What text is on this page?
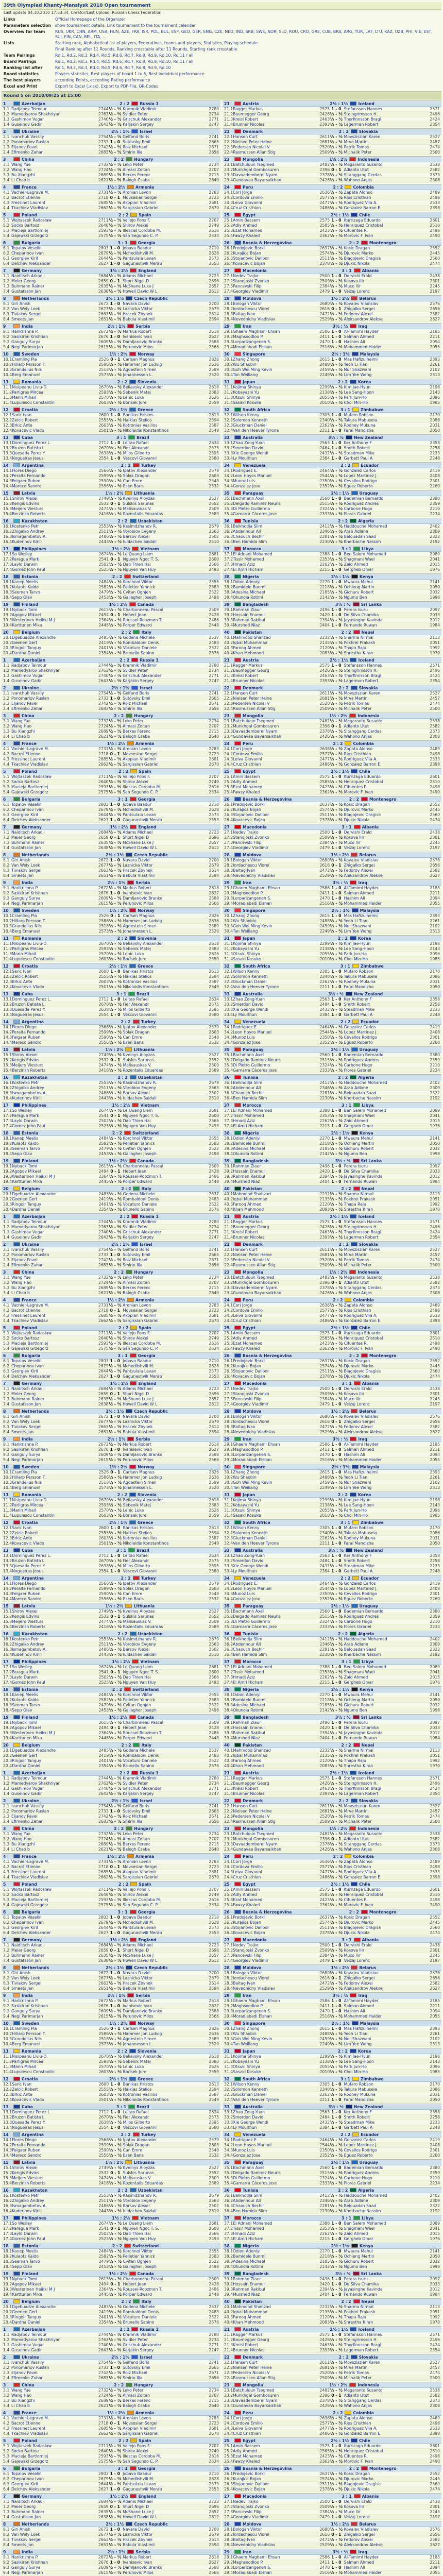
39th Olympiad Khanty-Mansiysk 2010 Open tournament
Last update 04.10.2010 17:53:34, Creator/Last Upload: Russian Chess Federation
Links	Official Homepage of the Organizer
Parameters selection	show tournament details, Link tournament to the tournament calendar
Overview for team	RUS, UKR, CHN, ARM, USA, HUN, AZE, FRA, ISR, POL, BUL, ESP, GEO, GER, ENG, CZE, NED, IND, SRB, SWE, NOR, SLO, ROU, CRO, GRE, CUB, BRA, ARG, TUR, LAT, LTU, KAZ, UZB, PHI, VIE, EST, SUI, FIN, CAN, BEL, ITA, ...
Lists	Starting rank, Alphabetical list of players, Federations, teams and players, Statistics, Playing schedule
	Final Ranking after 11 Rounds, Ranking crosstable after 11 Rounds, Starting rank crosstable
Team Pairings	Rd.1, Rd.2, Rd.3, Rd.4, Rd.5, Rd.6, Rd.7, Rd.8, Rd.9, Rd.10, Rd.11 / all
Board Pairings	Rd.1, Rd.2, Rd.3, Rd.4, Rd.5, Rd.6, Rd.7, Rd.8, Rd.9, Rd.10, Rd.11 / all
Ranking list after	Rd.1, Rd.2, Rd.3, Rd.4, Rd.5, Rd.6, Rd.7, Rd.8, Rd.9, Rd.10
Board statistics	Players statistics, Best players of board 1 to 5, Best individual performance
The best players	according Points, according Rating performance
Excel and Print	Export to Excel (.xlsx), Export to PDF-File, QR-Codes
Round 5 on 2010/09/25 at 15:00
1	Azerbaijan	2 : 2	Russia 1
1.1 Radjabov Teimour	2744 ½ - ½ Kramnik Vladimir	2780
1.2 Mamedyarov Shakhriyar	2763 ½ - ½ Svidler Peter	2734
1.3 Gashimov Vugar	2740 ½ - ½ Grischuk Alexander	2771
1.4 Guseinov Gadir	2643 ½ - ½ Karjakin Sergey	2747
2	Ukraine	2½ : 1½	Israel
2.1 Ivanchuk Vassily	2754 ½ - ½ Gelfand Boris	2741
2.2 Ponomariov Ruslan	2733 1 - 0 Sutovsky Emil	2665
2.3 Eljanov Pavel	2742 ½ - ½ Roiz Michael	2671
2.4 Efimenko Zahar	2683 ½ - ½ Smirin Ilia	2656
3	China	2 : 2	Hungary
3.1 Wang Yue	2732 ½ - ½ Leko Peter	2734
3.2 Wang Hao	2724 ½ - ½ Almasi Zoltan	2707
3.3 Bu Xiangzhi	2689 ½ - ½ Berkes Ferenc	2715
3.4 Li Chao b	2621 ½ - ½ Balogh Csaba	2640
4	France	1½ : 2½	Armenia
4.1 Vachier-Lagrave M.	2731 ½ - ½ Aronian Levon	2783
4.2 Bacrot Etienne	2718 0 - 1 Movsesian Sergei	2723
4.3 Fressinet Laurent	2685 ½ - ½ Akopian Vladimir	2681
4.4 Tkachiev Vladislav	2662 ½ - ½ Sargissian Gabriel	2670
5	Poland	2 : 2	Spain
5.1 Wojtaszek Radoslaw	2711 ½ - ½ Vallejo Pons F.	2707
5.2 Socko Bartosz	2640 ½ - ½ Shirov Alexei	2749
5.3 Macieja Bartlomiej	2593 ½ - ½ Illescas Cordoba M.	2616
5.4 Gajewski Grzegorz	2575 ½ - ½ San Segundo C. P.	2534
6	Bulgaria	3 : 1	Georgia
6.1 Topalov Veselin	2803 1 - 0 Jobava Baadur	2710
6.2 Cheparinov Ivan	2679 ½ - ½ Mchedlishvili M.	2628
6.3 Georgiev Kiril	2644 ½ - ½ Pantsulaia Levan	2573
6.4 Delchev Aleksander	2627 1 - 0 Gagunashvili Merab	2553
7	Germany	1½ : 2½	England
7.1 Naiditsch Arkadij	2684 ½ - ½ Adams Michael	2723
7.2 Meier Georg	2659 0 - 1 Short Nigel D	2696
7.3 Buhmann Rainer	2635 ½ - ½ McShane Luke J	2657
7.4 Gustafsson Jan	2638 ½ - ½ Howell David W L	2612
8	Netherlands	2½ : 1½	Czech Republic
8.1 Giri Anish	2672 1 - 0 Navara David	2700
8.2 Van Wely Loek	2677 ½ - ½ Laznicka Viktor	2679
8.3 Tiviakov Sergei	2663 ½ - ½ Hracek Zbynek	2614
8.4 Smeets Jan	2651 ½ - ½ Babula Vlastimil	2594
9	India	2½ : 1½	Serbia
9.1 Harikrishna P.	2672 ½ - ½ Markus Robert	2618
9.2 Sasikiran Krishnan	2676 1 - 0 Ivanisevic Ivan	2627
9.3 Ganguly Surya	2609 ½ - ½ Damljanovic Branko	2588
9.4 Negi Parimarjan	2615 ½ - ½ Perunovic Milos	2566
10	Sweden	1½ : 2½	Norway
10.1 Cramling Pia	2526 0 - 1 Carlsen Magnus	2826
10.2 Hillarp Persson T.	2586 ½ - ½ Hammer Jon Ludvig	2636
10.3 Grandelius Nils	2518 ½ - ½ Agdestein Simen	2589
10.4 Berg Emanuel	2573 ½ - ½ Johannessen L.	2520
11	Romania	2 : 2	Slovenia
11.1 Nisipeanu Liviu-D.	2670 ½ - ½ Beliavsky Alexander	2618
11.2 Parligras Mircea	2593 ½ - ½ Sebenik Matej	2583
11.3 Marin Mihail	2570 ½ - ½ Lenic Luka	2626
11.4 Lupulescu Constantin	2603 ½ - ½ Borisek Jure	2559
12	Croatia	2½ : 1½	Greece
12.1 Saric Ivan	2600 1 - 0 Banikas Hristos	2613
12.2 Zelcic Robert	2555 ½ - ½ Halkias Stelios	2594
12.3 Brkic Ante	2603 ½ - ½ Kotronias Vasilios	2587
12.4 Kovacevic Vlado	2501 ½ - ½ Nikolaidis Konstantinos	2549
13	Cuba	3 : 1	Brazil
13.1 Dominguez Perez L.	2712 1 - 0 Leitao Rafael	2634
13.2 Bruzon Batista L.	2670 ½ - ½ Fier Alexandr	2575
13.3 Quesada Perez Y.	2638 ½ - ½ Milos Gilberto	2595
13.4 Nogueiras Jesus	2554 1 - 0 Vescovi Giovanni	2580
14	Argentina	2 : 2	Turkey
14.1 Flores Diego	2566 ½ - ½ Ipatov Alexander	2579
14.2 Peralta Fernando	2599 ½ - ½ Solak Dragan	2603
14.3 Felgaer Ruben	2590 ½ - ½ Can Emre	2548
14.4 Mareco Sandro	2556 ½ - ½ Esen Baris	2532
15	Latvia	1½ : 2½	Lithuania
15.1 Shirov Alexei	2749 ½ - ½ Kveinys Aloyzas	2527
15.2 Kengis Edvins	2532 0 - 1 Sulskis Sarunas	2552
15.3 Meijers Viesturs	2474 ½ - ½ Malisauskas V.	2509
15.4 Berzinsh Roberts	2416 ½ - ½ Rozentalis Eduardas	2589
16	Kazakhstan	2 : 2	Uzbekistan
16.1 Kostenko Petr	2553 ½ - ½ Kasimdzhanov R.	2679
16.2 Zhigalko Andrey	2511 ½ - ½ Vorobiov Evgeny	2563
16.3 Ismagambetov A.	2486 ½ - ½ Barsov Alexei	2502
16.4 Kuderinov Kirill	2443 ½ - ½ Iuldachev Saidali	2510
17	Philippines	1½ : 2½	Vietnam
17.1 So Wesley	2674 ½ - ½ Le Quang Liem	2681
17.2 Paragua Mark	2541 0 - 1 Nguyen Ngoc T. S.	2600
17.3 Laylo Darwin	2502 ½ - ½ Dao Thien Hai	2566
17.4 Gomez John Paul	2525 ½ - ½ Nguyen Van Huy	2493
18	Estonia	2 : 2	Switzerland
18.1 Kanep Meelis	2484 ½ - ½ Korchnoi Viktor	2555
18.2 Kulaots Kaido	2582 ½ - ½ Pelletier Yannick	2583
18.3 Seeman Tarvo	2479 ½ - ½ Cvitan Ognjen	2522
18.4 Sepp Olav	2453 ½ - ½ Gallagher Joseph	2498
19	Finland	1½ : 2½	Canada
19.1 Nyback Tomi	2615 ½ - ½ Charbonneau Pascal	2509
19.2 Agopov Mikael	2494 0 - 1 Hebert Jean	2428
19.3 Westerinen Heikki M J	2364 ½ - ½ Roussel-Roozmon T.	2486
19.4 Karttunen Mika	2445 ½ - ½ Porper Edward	2448
20	Belgium	2 : 2	Italy
20.1 Dgebuadze Alexandre	2485 ½ - ½ Godena Michele	2537
20.2 Geenen Gert	2419 ½ - ½ Rombaldoni Denis	2483
20.3 Ringoir Tanguy	2401 ½ - ½ Vocaturo Daniele	2522
20.4 Dardha Daniel	2354 ½ - ½ Brunello Sabino	2576
1	Azerbaijan	2 : 2	Russia 1
1.1 Radjabov Teimour	2744 ½ - ½ Kramnik Vladimir	2780
1.2 Mamedyarov Shakhriyar	2763 ½ - ½ Svidler Peter	2734
1.3 Gashimov Vugar	2740 ½ - ½ Grischuk Alexander	2771
1.4 Guseinov Gadir	2643 ½ - ½ Karjakin Sergey	2747
2	Ukraine	2½ : 1½	Israel
2.1 Ivanchuk Vassily	2754 ½ - ½ Gelfand Boris	2741
2.2 Ponomariov Ruslan	2733 1 - 0 Sutovsky Emil	2665
2.3 Eljanov Pavel	2742 ½ - ½ Roiz Michael	2671
2.4 Efimenko Zahar	2683 ½ - ½ Smirin Ilia	2656
3	China	2 : 2	Hungary
3.1 Wang Yue	2732 ½ - ½ Leko Peter	2734
3.2 Wang Hao	2724 ½ - ½ Almasi Zoltan	2707
3.3 Bu Xiangzhi	2689 ½ - ½ Berkes Ferenc	2715
3.4 Li Chao b	2621 ½ - ½ Balogh Csaba	2640
4	France	1½ : 2½	Armenia
4.1 Vachier-Lagrave M.	2731 ½ - ½ Aronian Levon	2783
4.2 Bacrot Etienne	2718 0 - 1 Movsesian Sergei	2723
4.3 Fressinet Laurent	2685 ½ - ½ Akopian Vladimir	2681
4.4 Tkachiev Vladislav	2662 ½ - ½ Sargissian Gabriel	2670
5	Poland	2 : 2	Spain
5.1 Wojtaszek Radoslaw	2711 ½ - ½ Vallejo Pons F.	2707
5.2 Socko Bartosz	2640 ½ - ½ Shirov Alexei	2749
5.3 Macieja Bartlomiej	2593 ½ - ½ Illescas Cordoba M.	2616
5.4 Gajewski Grzegorz	2575 ½ - ½ San Segundo C. P.	2534
6	Bulgaria	3 : 1	Georgia
6.1 Topalov Veselin	2803 1 - 0 Jobava Baadur	2710
6.2 Cheparinov Ivan	2679 ½ - ½ Mchedlishvili M.	2628
6.3 Georgiev Kiril	2644 ½ - ½ Pantsulaia Levan	2573
6.4 Delchev Aleksander	2627 1 - 0 Gagunashvili Merab	2553
7	Germany	1½ : 2½	England
7.1 Naiditsch Arkadij	2684 ½ - ½ Adams Michael	2723
7.2 Meier Georg	2659 0 - 1 Short Nigel D	2696
7.3 Buhmann Rainer	2635 ½ - ½ McShane Luke J	2657
7.4 Gustafsson Jan	2638 ½ - ½ Howell David W L	2612
8	Netherlands	2½ : 1½	Czech Republic
8.1 Giri Anish	2672 1 - 0 Navara David	2700
8.2 Van Wely Loek	2677 ½ - ½ Laznicka Viktor	2679
8.3 Tiviakov Sergei	2663 ½ - ½ Hracek Zbynek	2614
8.4 Smeets Jan	2651 ½ - ½ Babula Vlastimil	2594
9	India	2½ : 1½	Serbia
9.1 Harikrishna P.	2672 ½ - ½ Markus Robert	2618
9.2 Sasikiran Krishnan	2676 1 - 0 Ivanisevic Ivan	2627
9.3 Ganguly Surya	2609 ½ - ½ Damljanovic Branko	2588
9.4 Negi Parimarjan	2615 ½ - ½ Perunovic Milos	2566
10	Sweden	1½ : 2½	Norway
10.1 Cramling Pia	2526 0 - 1 Carlsen Magnus	2826
10.2 Hillarp Persson T.	2586 ½ - ½ Hammer Jon Ludvig	2636
10.3 Grandelius Nils	2518 ½ - ½ Agdestein Simen	2589
10.4 Berg Emanuel	2573 ½ - ½ Johannessen L.	2520
11	Romania	2 : 2	Slovenia
11.1 Nisipeanu Liviu-D.	2670 ½ - ½ Beliavsky Alexander	2618
11.2 Parligras Mircea	2593 ½ - ½ Sebenik Matej	2583
11.3 Marin Mihail	2570 ½ - ½ Lenic Luka	2626
11.4 Lupulescu Constantin	2603 ½ - ½ Borisek Jure	2559
12	Croatia	2½ : 1½	Greece
12.1 Saric Ivan	2600 1 - 0 Banikas Hristos	2613
12.2 Zelcic Robert	2555 ½ - ½ Halkias Stelios	2594
12.3 Brkic Ante	2603 ½ - ½ Kotronias Vasilios	2587
12.4 Kovacevic Vlado	2501 ½ - ½ Nikolaidis Konstantinos	2549
13	Cuba	3 : 1	Brazil
13.1 Dominguez Perez L.	2712 1 - 0 Leitao Rafael	2634
13.2 Bruzon Batista L.	2670 ½ - ½ Fier Alexandr	2575
13.3 Quesada Perez Y.	2638 ½ - ½ Milos Gilberto	2595
13.4 Nogueiras Jesus	2554 1 - 0 Vescovi Giovanni	2580
14	Argentina	2 : 2	Turkey
14.1 Flores Diego	2566 ½ - ½ Ipatov Alexander	2579
14.2 Peralta Fernando	2599 ½ - ½ Solak Dragan	2603
14.3 Felgaer Ruben	2590 ½ - ½ Can Emre	2548
14.4 Mareco Sandro	2556 ½ - ½ Esen Baris	2532
15	Latvia	1½ : 2½	Lithuania
15.1 Shirov Alexei	2749 ½ - ½ Kveinys Aloyzas	2527
15.2 Kengis Edvins	2532 0 - 1 Sulskis Sarunas	2552
15.3 Meijers Viesturs	2474 ½ - ½ Malisauskas V.	2509
15.4 Berzinsh Roberts	2416 ½ - ½ Rozentalis Eduardas	2589
16	Kazakhstan	2 : 2	Uzbekistan
16.1 Kostenko Petr	2553 ½ - ½ Kasimdzhanov R.	2679
16.2 Zhigalko Andrey	2511 ½ - ½ Vorobiov Evgeny	2563
16.3 Ismagambetov A.	2486 ½ - ½ Barsov Alexei	2502
16.4 Kuderinov Kirill	2443 ½ - ½ Iuldachev Saidali	2510
17	Philippines	1½ : 2½	Vietnam
17.1 So Wesley	2674 ½ - ½ Le Quang Liem	2681
17.2 Paragua Mark	2541 0 - 1 Nguyen Ngoc T. S.	2600
17.3 Laylo Darwin	2502 ½ - ½ Dao Thien Hai	2566
17.4 Gomez John Paul	2525 ½ - ½ Nguyen Van Huy	2493
18	Estonia	2 : 2	Switzerland
18.1 Kanep Meelis	2484 ½ - ½ Korchnoi Viktor	2555
18.2 Kulaots Kaido	2582 ½ - ½ Pelletier Yannick	2583
18.3 Seeman Tarvo	2479 ½ - ½ Cvitan Ognjen	2522
18.4 Sepp Olav	2453 ½ - ½ Gallagher Joseph	2498
19	Finland	1½ : 2½	Canada
19.1 Nyback Tomi	2615 ½ - ½ Charbonneau Pascal	2509
19.2 Agopov Mikael	2494 0 - 1 Hebert Jean	2428
19.3 Westerinen Heikki M J	2364 ½ - ½ Roussel-Roozmon T.	2486
19.4 Karttunen Mika	2445 ½ - ½ Porper Edward	2448
20	Belgium	2 : 2	Italy
20.1 Dgebuadze Alexandre	2485 ½ - ½ Godena Michele	2537
20.2 Geenen Gert	2419 ½ - ½ Rombaldoni Denis	2483
20.3 Ringoir Tanguy	2401 ½ - ½ Vocaturo Daniele	2522
20.4 Dardha Daniel	2354 ½ - ½ Brunello Sabino	2576
1	Azerbaijan	2 : 2	Russia 1
1.1 Radjabov Teimour	2744 ½ - ½ Kramnik Vladimir	2780
1.2 Mamedyarov Shakhriyar	2763 ½ - ½ Svidler Peter	2734
1.3 Gashimov Vugar	2740 ½ - ½ Grischuk Alexander	2771
1.4 Guseinov Gadir	2643 ½ - ½ Karjakin Sergey	2747
2	Ukraine	2½ : 1½	Israel
2.1 Ivanchuk Vassily	2754 ½ - ½ Gelfand Boris	2741
2.2 Ponomariov Ruslan	2733 1 - 0 Sutovsky Emil	2665
2.3 Eljanov Pavel	2742 ½ - ½ Roiz Michael	2671
2.4 Efimenko Zahar	2683 ½ - ½ Smirin Ilia	2656
3	China	2 : 2	Hungary
3.1 Wang Yue	2732 ½ - ½ Leko Peter	2734
3.2 Wang Hao	2724 ½ - ½ Almasi Zoltan	2707
3.3 Bu Xiangzhi	2689 ½ - ½ Berkes Ferenc	2715
3.4 Li Chao b	2621 ½ - ½ Balogh Csaba	2640
4	France	1½ : 2½	Armenia
4.1 Vachier-Lagrave M.	2731 ½ - ½ Aronian Levon	2783
4.2 Bacrot Etienne	2718 0 - 1 Movsesian Sergei	2723
4.3 Fressinet Laurent	2685 ½ - ½ Akopian Vladimir	2681
4.4 Tkachiev Vladislav	2662 ½ - ½ Sargissian Gabriel	2670
5	Poland	2 : 2	Spain
5.1 Wojtaszek Radoslaw	2711 ½ - ½ Vallejo Pons F.	2707
5.2 Socko Bartosz	2640 ½ - ½ Shirov Alexei	2749
5.3 Macieja Bartlomiej	2593 ½ - ½ Illescas Cordoba M.	2616
5.4 Gajewski Grzegorz	2575 ½ - ½ San Segundo C. P.	2534
6	Bulgaria	3 : 1	Georgia
6.1 Topalov Veselin	2803 1 - 0 Jobava Baadur	2710
6.2 Cheparinov Ivan	2679 ½ - ½ Mchedlishvili M.	2628
6.3 Georgiev Kiril	2644 ½ - ½ Pantsulaia Levan	2573
6.4 Delchev Aleksander	2627 1 - 0 Gagunashvili Merab	2553
7	Germany	1½ : 2½	England
7.1 Naiditsch Arkadij	2684 ½ - ½ Adams Michael	2723
7.2 Meier Georg	2659 0 - 1 Short Nigel D	2696
7.3 Buhmann Rainer	2635 ½ - ½ McShane Luke J	2657
7.4 Gustafsson Jan	2638 ½ - ½ Howell David W L	2612
8	Netherlands	2½ : 1½	Czech Republic
8.1 Giri Anish	2672 1 - 0 Navara David	2700
8.2 Van Wely Loek	2677 ½ - ½ Laznicka Viktor	2679
8.3 Tiviakov Sergei	2663 ½ - ½ Hracek Zbynek	2614
8.4 Smeets Jan	2651 ½ - ½ Babula Vlastimil	2594
9	India	2½ : 1½	Serbia
9.1 Harikrishna P.	2672 ½ - ½ Markus Robert	2618
9.2 Sasikiran Krishnan	2676 1 - 0 Ivanisevic Ivan	2627
9.3 Ganguly Surya	2609 ½ - ½ Damljanovic Branko	2588
9.4 Negi Parimarjan	2615 ½ - ½ Perunovic Milos	2566
10	Sweden	1½ : 2½	Norway
10.1 Cramling Pia	2526 0 - 1 Carlsen Magnus	2826
10.2 Hillarp Persson T.	2586 ½ - ½ Hammer Jon Ludvig	2636
10.3 Grandelius Nils	2518 ½ - ½ Agdestein Simen	2589
10.4 Berg Emanuel	2573 ½ - ½ Johannessen L.	2520
11	Romania	2 : 2	Slovenia
11.1 Nisipeanu Liviu-D.	2670 ½ - ½ Beliavsky Alexander	2618
11.2 Parligras Mircea	2593 ½ - ½ Sebenik Matej	2583
11.3 Marin Mihail	2570 ½ - ½ Lenic Luka	2626
11.4 Lupulescu Constantin	2603 ½ - ½ Borisek Jure	2559
12	Croatia	2½ : 1½	Greece
12.1 Saric Ivan	2600 1 - 0 Banikas Hristos	2613
12.2 Zelcic Robert	2555 ½ - ½ Halkias Stelios	2594
12.3 Brkic Ante	2603 ½ - ½ Kotronias Vasilios	2587
12.4 Kovacevic Vlado	2501 ½ - ½ Nikolaidis Konstantinos	2549
13	Cuba	3 : 1	Brazil
13.1 Dominguez Perez L.	2712 1 - 0 Leitao Rafael	2634
13.2 Bruzon Batista L.	2670 ½ - ½ Fier Alexandr	2575
13.3 Quesada Perez Y.	2638 ½ - ½ Milos Gilberto	2595
13.4 Nogueiras Jesus	2554 1 - 0 Vescovi Giovanni	2580
14	Argentina	2 : 2	Turkey
14.1 Flores Diego	2566 ½ - ½ Ipatov Alexander	2579
14.2 Peralta Fernando	2599 ½ - ½ Solak Dragan	2603
14.3 Felgaer Ruben	2590 ½ - ½ Can Emre	2548
14.4 Mareco Sandro	2556 ½ - ½ Esen Baris	2532
15	Latvia	1½ : 2½	Lithuania
15.1 Shirov Alexei	2749 ½ - ½ Kveinys Aloyzas	2527
15.2 Kengis Edvins	2532 0 - 1 Sulskis Sarunas	2552
15.3 Meijers Viesturs	2474 ½ - ½ Malisauskas V.	2509
15.4 Berzinsh Roberts	2416 ½ - ½ Rozentalis Eduardas	2589
16	Kazakhstan	2 : 2	Uzbekistan
16.1 Kostenko Petr	2553 ½ - ½ Kasimdzhanov R.	2679
16.2 Zhigalko Andrey	2511 ½ - ½ Vorobiov Evgeny	2563
16.3 Ismagambetov A.	2486 ½ - ½ Barsov Alexei	2502
16.4 Kuderinov Kirill	2443 ½ - ½ Iuldachev Saidali	2510
17	Philippines	1½ : 2½	Vietnam
17.1 So Wesley	2674 ½ - ½ Le Quang Liem	2681
17.2 Paragua Mark	2541 0 - 1 Nguyen Ngoc T. S.	2600
17.3 Laylo Darwin	2502 ½ - ½ Dao Thien Hai	2566
17.4 Gomez John Paul	2525 ½ - ½ Nguyen Van Huy	2493
18	Estonia	2 : 2	Switzerland
18.1 Kanep Meelis	2484 ½ - ½ Korchnoi Viktor	2555
18.2 Kulaots Kaido	2582 ½ - ½ Pelletier Yannick	2583
18.3 Seeman Tarvo	2479 ½ - ½ Cvitan Ognjen	2522
18.4 Sepp Olav	2453 ½ - ½ Gallagher Joseph	2498
19	Finland	1½ : 2½	Canada
19.1 Nyback Tomi	2615 ½ - ½ Charbonneau Pascal	2509
19.2 Agopov Mikael	2494 0 - 1 Hebert Jean	2428
19.3 Westerinen Heikki M J	2364 ½ - ½ Roussel-Roozmon T.	2486
19.4 Karttunen Mika	2445 ½ - ½ Porper Edward	2448
20	Belgium	2 : 2	Italy
20.1 Dgebuadze Alexandre	2485 ½ - ½ Godena Michele	2537
20.2 Geenen Gert	2419 ½ - ½ Rombaldoni Denis	2483
20.3 Ringoir Tanguy	2401 ½ - ½ Vocaturo Daniele	2522
20.4 Dardha Daniel	2354 ½ - ½ Brunello Sabino	2576
1	Azerbaijan	2 : 2	Russia 1
1.1 Radjabov Teimour	2744 ½ - ½ Kramnik Vladimir	2780
1.2 Mamedyarov Shakhriyar	2763 ½ - ½ Svidler Peter	2734
1.3 Gashimov Vugar	2740 ½ - ½ Grischuk Alexander	2771
1.4 Guseinov Gadir	2643 ½ - ½ Karjakin Sergey	2747
2	Ukraine	2½ : 1½	Israel
2.1 Ivanchuk Vassily	2754 ½ - ½ Gelfand Boris	2741
2.2 Ponomariov Ruslan	2733 1 - 0 Sutovsky Emil	2665
2.3 Eljanov Pavel	2742 ½ - ½ Roiz Michael	2671
2.4 Efimenko Zahar	2683 ½ - ½ Smirin Ilia	2656
3	China	2 : 2	Hungary
3.1 Wang Yue	2732 ½ - ½ Leko Peter	2734
3.2 Wang Hao	2724 ½ - ½ Almasi Zoltan	2707
3.3 Bu Xiangzhi	2689 ½ - ½ Berkes Ferenc	2715
3.4 Li Chao b	2621 ½ - ½ Balogh Csaba	2640
4	France	1½ : 2½	Armenia
4.1 Vachier-Lagrave M.	2731 ½ - ½ Aronian Levon	2783
4.2 Bacrot Etienne	2718 0 - 1 Movsesian Sergei	2723
4.3 Fressinet Laurent	2685 ½ - ½ Akopian Vladimir	2681
4.4 Tkachiev Vladislav	2662 ½ - ½ Sargissian Gabriel	2670
5	Poland	2 : 2	Spain
5.1 Wojtaszek Radoslaw	2711 ½ - ½ Vallejo Pons F.	2707
5.2 Socko Bartosz	2640 ½ - ½ Shirov Alexei	2749
5.3 Macieja Bartlomiej	2593 ½ - ½ Illescas Cordoba M.	2616
5.4 Gajewski Grzegorz	2575 ½ - ½ San Segundo C. P.	2534
6	Bulgaria	3 : 1	Georgia
6.1 Topalov Veselin	2803 1 - 0 Jobava Baadur	2710
6.2 Cheparinov Ivan	2679 ½ - ½ Mchedlishvili M.	2628
6.3 Georgiev Kiril	2644 ½ - ½ Pantsulaia Levan	2573
6.4 Delchev Aleksander	2627 1 - 0 Gagunashvili Merab	2553
7	Germany	1½ : 2½	England
7.1 Naiditsch Arkadij	2684 ½ - ½ Adams Michael	2723
7.2 Meier Georg	2659 0 - 1 Short Nigel D	2696
7.3 Buhmann Rainer	2635 ½ - ½ McShane Luke J	2657
7.4 Gustafsson Jan	2638 ½ - ½ Howell David W L	2612
8	Netherlands	2½ : 1½	Czech Republic
8.1 Giri Anish	2672 1 - 0 Navara David	2700
8.2 Van Wely Loek	2677 ½ - ½ Laznicka Viktor	2679
8.3 Tiviakov Sergei	2663 ½ - ½ Hracek Zbynek	2614
8.4 Smeets Jan	2651 ½ - ½ Babula Vlastimil	2594
9	India	2½ : 1½	Serbia
9.1 Harikrishna P.	2672 ½ - ½ Markus Robert	2618
9.2 Sasikiran Krishnan	2676 1 - 0 Ivanisevic Ivan	2627
9.3 Ganguly Surya	2609 ½ - ½ Damljanovic Branko	2588
9.4 Negi Parimarjan	2615 ½ - ½ Perunovic Milos	2566
10	Sweden	1½ : 2½	Norway
10.1 Cramling Pia	2526 0 - 1 Carlsen Magnus	2826
10.2 Hillarp Persson T.	2586 ½ - ½ Hammer Jon Ludvig	2636
10.3 Grandelius Nils	2518 ½ - ½ Agdestein Simen	2589
10.4 Berg Emanuel	2573 ½ - ½ Johannessen L.	2520
11	Romania	2 : 2	Slovenia
11.1 Nisipeanu Liviu-D.	2670 ½ - ½ Beliavsky Alexander	2618
11.2 Parligras Mircea	2593 ½ - ½ Sebenik Matej	2583
11.3 Marin Mihail	2570 ½ - ½ Lenic Luka	2626
11.4 Lupulescu Constantin	2603 ½ - ½ Borisek Jure	2559
12	Croatia	2½ : 1½	Greece
12.1 Saric Ivan	2600 1 - 0 Banikas Hristos	2613
12.2 Zelcic Robert	2555 ½ - ½ Halkias Stelios	2594
12.3 Brkic Ante	2603 ½ - ½ Kotronias Vasilios	2587
12.4 Kovacevic Vlado	2501 ½ - ½ Nikolaidis Konstantinos	2549
13	Cuba	3 : 1	Brazil
13.1 Dominguez Perez L.	2712 1 - 0 Leitao Rafael	2634
13.2 Bruzon Batista L.	2670 ½ - ½ Fier Alexandr	2575
13.3 Quesada Perez Y.	2638 ½ - ½ Milos Gilberto	2595
13.4 Nogueiras Jesus	2554 1 - 0 Vescovi Giovanni	2580
14	Argentina	2 : 2	Turkey
14.1 Flores Diego	2566 ½ - ½ Ipatov Alexander	2579
14.2 Peralta Fernando	2599 ½ - ½ Solak Dragan	2603
14.3 Felgaer Ruben	2590 ½ - ½ Can Emre	2548
14.4 Mareco Sandro	2556 ½ - ½ Esen Baris	2532
15	Latvia	1½ : 2½	Lithuania
15.1 Shirov Alexei	2749 ½ - ½ Kveinys Aloyzas	2527
15.2 Kengis Edvins	2532 0 - 1 Sulskis Sarunas	2552
15.3 Meijers Viesturs	2474 ½ - ½ Malisauskas V.	2509
15.4 Berzinsh Roberts	2416 ½ - ½ Rozentalis Eduardas	2589
16	Kazakhstan	2 : 2	Uzbekistan
16.1 Kostenko Petr	2553 ½ - ½ Kasimdzhanov R.	2679
16.2 Zhigalko Andrey	2511 ½ - ½ Vorobiov Evgeny	2563
16.3 Ismagambetov A.	2486 ½ - ½ Barsov Alexei	2502
16.4 Kuderinov Kirill	2443 ½ - ½ Iuldachev Saidali	2510
17	Philippines	1½ : 2½	Vietnam
17.1 So Wesley	2674 ½ - ½ Le Quang Liem	2681
17.2 Paragua Mark	2541 0 - 1 Nguyen Ngoc T. S.	2600
17.3 Laylo Darwin	2502 ½ - ½ Dao Thien Hai	2566
17.4 Gomez John Paul	2525 ½ - ½ Nguyen Van Huy	2493
18	Estonia	2 : 2	Switzerland
18.1 Kanep Meelis	2484 ½ - ½ Korchnoi Viktor	2555
18.2 Kulaots Kaido	2582 ½ - ½ Pelletier Yannick	2583
18.3 Seeman Tarvo	2479 ½ - ½ Cvitan Ognjen	2522
18.4 Sepp Olav	2453 ½ - ½ Gallagher Joseph	2498
19	Finland	1½ : 2½	Canada
19.1 Nyback Tomi	2615 ½ - ½ Charbonneau Pascal	2509
19.2 Agopov Mikael	2494 0 - 1 Hebert Jean	2428
19.3 Westerinen Heikki M J	2364 ½ - ½ Roussel-Roozmon T.	2486
19.4 Karttunen Mika	2445 ½ - ½ Porper Edward	2448
20	Belgium	2 : 2	Italy
20.1 Dgebuadze Alexandre	2485 ½ - ½ Godena Michele	2537
20.2 Geenen Gert	2419 ½ - ½ Rombaldoni Denis	2483
20.3 Ringoir Tanguy	2401 ½ - ½ Vocaturo Daniele	2522
20.4 Dardha Daniel	2354 ½ - ½ Brunello Sabino	2576
1	Azerbaijan	2 : 2	Russia 1
1.1 Radjabov Teimour	2744 ½ - ½ Kramnik Vladimir	2780
1.2 Mamedyarov Shakhriyar	2763 ½ - ½ Svidler Peter	2734
1.3 Gashimov Vugar	2740 ½ - ½ Grischuk Alexander	2771
1.4 Guseinov Gadir	2643 ½ - ½ Karjakin Sergey	2747
2	Ukraine	2½ : 1½	Israel
2.1 Ivanchuk Vassily	2754 ½ - ½ Gelfand Boris	2741
2.2 Ponomariov Ruslan	2733 1 - 0 Sutovsky Emil	2665
2.3 Eljanov Pavel	2742 ½ - ½ Roiz Michael	2671
2.4 Efimenko Zahar	2683 ½ - ½ Smirin Ilia	2656
3	China	2 : 2	Hungary
3.1 Wang Yue	2732 ½ - ½ Leko Peter	2734
3.2 Wang Hao	2724 ½ - ½ Almasi Zoltan	2707
3.3 Bu Xiangzhi	2689 ½ - ½ Berkes Ferenc	2715
3.4 Li Chao b	2621 ½ - ½ Balogh Csaba	2640
4	France	1½ : 2½	Armenia
4.1 Vachier-Lagrave M.	2731 ½ - ½ Aronian Levon	2783
4.2 Bacrot Etienne	2718 0 - 1 Movsesian Sergei	2723
4.3 Fressinet Laurent	2685 ½ - ½ Akopian Vladimir	2681
4.4 Tkachiev Vladislav	2662 ½ - ½ Sargissian Gabriel	2670
5	Poland	2 : 2	Spain
5.1 Wojtaszek Radoslaw	2711 ½ - ½ Vallejo Pons F.	2707
5.2 Socko Bartosz	2640 ½ - ½ Shirov Alexei	2749
5.3 Macieja Bartlomiej	2593 ½ - ½ Illescas Cordoba M.	2616
5.4 Gajewski Grzegorz	2575 ½ - ½ San Segundo C. P.	2534
6	Bulgaria	3 : 1	Georgia
6.1 Topalov Veselin	2803 1 - 0 Jobava Baadur	2710
6.2 Cheparinov Ivan	2679 ½ - ½ Mchedlishvili M.	2628
6.3 Georgiev Kiril	2644 ½ - ½ Pantsulaia Levan	2573
6.4 Delchev Aleksander	2627 1 - 0 Gagunashvili Merab	2553
7	Germany	1½ : 2½	England
7.1 Naiditsch Arkadij	2684 ½ - ½ Adams Michael	2723
7.2 Meier Georg	2659 0 - 1 Short Nigel D	2696
7.3 Buhmann Rainer	2635 ½ - ½ McShane Luke J	2657
7.4 Gustafsson Jan	2638 ½ - ½ Howell David W L	2612
8	Netherlands	2½ : 1½	Czech Republic
8.1 Giri Anish	2672 1 - 0 Navara David	2700
8.2 Van Wely Loek	2677 ½ - ½ Laznicka Viktor	2679
8.3 Tiviakov Sergei	2663 ½ - ½ Hracek Zbynek	2614
8.4 Smeets Jan	2651 ½ - ½ Babula Vlastimil	2594
9	India	2½ : 1½	Serbia
9.1 Harikrishna P.	2672 ½ - ½ Markus Robert	2618
9.2 Sasikiran Krishnan	2676 1 - 0 Ivanisevic Ivan	2627
9.3 Ganguly Surya	2609 ½ - ½ Damljanovic Branko	2588
9.4 Negi Parimarjan	2615 ½ - ½ Perunovic Milos	2566
21	Austria	2½ : 1½	Iceland
21.1 Ragger Markus	2575 1 - 0 Stefansson Hannes	2571
21.2 Baumegger Georg	2426 ½ - ½ Steingrimsson H.	2496
21.3 Kreisl Robert	2463 ½ - ½ Thorfinnsson Bragi	2424
21.4 Brunner Nicolas	2393 ½ - ½ Lagerman Robert	2354
22	Denmark	2 : 2	Slovakia
22.1 Hansen Curt	2611 ½ - ½ Movsziszian Karen	2527
22.2 Nielsen Peter Heine	2681 ½ - ½ Mrva Martin	2457
22.3 Pedersen Nicolai V	2520 ½ - ½ Petrik Tomas	2474
22.4 Rasmussen Allan Stig	2509 ½ - ½ Michalik Peter	2500
23	Mongolia	1½ : 2½	Indonesia
23.1 Batchuluun Tsegmed	2482 ½ - ½ Megaranto Susanto	2538
23.2 Munkhgal Gombosuren	2396 0 - 1 Adianto Utut	2582
23.3 Davaademberel Nyam.	2378 ½ - ½ Sitanggang Cerdas	2373
23.4 Gundavaa Bayarsaikhan	2426 ½ - ½ Wahono Anjas	2308
24	Peru	2 : 2	Colombia
24.1 Cori Jorge	2636 ½ - ½ Zapata Alonso	2489
24.2 Cordova Emilio	2577 ½ - ½ Rios Cristhian	2498
24.3 Leiva Giovanni	2477 ½ - ½ Rodriguez Vila A.	2533
24.4 Cruz Cristhian	2486 ½ - ½ Gonzalez Barron E.	2398
25	Egypt	2½ : 1½	Chile
25.1 Amin Bassem	2575 1 - 0 Iturrizaga Eduardo	2601
25.2 Adly Ahmed	2585 ½ - ½ Henriquez Cristobal	2510
25.3 Ezat Mohamed	2423 ½ - ½ Cifuentes R.	2498
25.4 Fawzy Khaled	2362 ½ - ½ Morovic F. Ivan	2490
26	Bosnia & Herzegovina	2 : 2	Montenegro
26.1 Predojevic Borki	2637 ½ - ½ Kosic Dragan	2552
26.2 Kurajica Bojan	2574 ½ - ½ Djurovic Marko	2445
26.3 Stojanovic Dalibor	2511 ½ - ½ Blagojevic Dragisa	2560
26.4 Kovacevic Bojan	2378 ½ - ½ Djukic Nikola	2474
27	Macedonia	3 : 1	Albania
27.1 Nedev Trajko	2500 1 - 0 Dervishi Erald	2438
27.2 Stanojoski Zvonko	2509 ½ - ½ Kosova Ilir	2301
27.3 Pancevski Filip	2384 ½ - ½ Muco Ilir	2245
27.4 Georgiev Vladimir	2479 1 - 0 Veizaj Lorenc	2197
28	Moldova	1½ : 2½	Belarus
28.1 Bologan Viktor	2680 ½ - ½ Kovalev Vladislav	2576
28.2 Iordachescu Viorel	2616 0 - 1 Zhigalko Sergei	2656
28.3 Baltag Ivan	2472 ½ - ½ Fedorov Alexei	2582
28.4 Nevednichy Vladislav	2529 ½ - ½ Aleksandrov Aleksej	2627
29	Iran	3½ : ½	Iraq
29.1 Ghaem Maghami Ehsan	2586 1 - 0 Al-Tamimi Hayder	2185
29.2 Maghsoodloo P.	2411 1 - 0 Salman Ahmed	2211
29.3 Lorparizangeneh S.	2470 1 - 0 Hashim Ali	2094
29.4 Moradiabadi Elshan	2516 ½ - ½ Mohammed Haider	2055
30	Singapore	2½ : 1½	Malaysia
30.1 Zhang Zhong	2615 1 - 0 Mas Hafizulhelmi	2393
30.2 Wu Shaobin	2488 ½ - ½ Yeoh Li Tian	2261
30.3 Goh Wei Ming Kevin	2459 ½ - ½ Nur Shazwani	2102
30.4 Tan Weiliang	2249 ½ - ½ Lim Yee Weng	2313
31	Japan	2 : 2	Korea
31.1 Kojima Shinya	2299 ½ - ½ Kim Jae-Hyun	2198
31.2 Kobayashi Yu	2138 ½ - ½ Lee Sang-Hoon	2143
31.3 Otsuki Shinya	2055 ½ - ½ Park Jun-Ho	2096
31.4 Sasaki Kosuke	2010 ½ - ½ Choi Min-Ho	1985
32	South Africa	3 : 1	Zimbabwe
32.1 Wilson Kenny	2305 1 - 0 Mufaro Robson	2170
32.2 Solomon Kenneth	2340 ½ - ½ Takura Mabusela	2086
32.3 Gluckman Daniel	2262 ½ - ½ Rodney Mukuna	2031
32.4 Van den Heever Tyrone	2211 1 - 0 Farai Mandizha	2050
33	Australia	3½ : ½	New Zealand
33.1 Zhao Zong-Yuan	2563 1 - 0 Ker Anthony F	2358
33.2 Smerdon David	2484 1 - 0 Smith Robert	2258
33.3 Xie George Wendi	2432 ½ - ½ Steadman Mike	2233
33.4 Ly Moulthun	2384 1 - 0 Garbett Paul A	2248
34	Venezuela	2 : 2	Ecuador
34.1 Rodriguez E.	2464 ½ - ½ Gonzalez Carlos	2419
34.2 Leon Hoyos Manuel	2544 ½ - ½ Lopez Martinez J.	2408
34.3 Munoz Luis	2350 ½ - ½ Cevallos Rodrigo	2301
34.4 Gonzalez Jose	2352 ½ - ½ Eguez Roberto	2260
35	Paraguay	2½ : 1½	Uruguay
35.1 Bachmann Axel	2560 1 - 0 Bademian Bernardo	2380
35.2 Delgado Ramirez Neuris	2515 ½ - ½ Rodriguez Andres	2359
35.3 Di Pietro Guillermo	2324 ½ - ½ Carbone Hugo	2210
35.4 Gamarra Cáceres Jose	2333 ½ - ½ Flores Gabriel	2234
36	Tunisia	2 : 2	Algeria
36.1 Belkhodja Slim	2412 ½ - ½ Haddouche Mohamed	2402
36.2 Abdennour Ali	2346 ½ - ½ Arab Adlane	2309
36.3 Chaouch Bechir	2281 ½ - ½ Belouadah Saad	2322
36.4 Ben Hamida Slim	2230 ½ - ½ Kherbache Nassim	2192
37	Morocco	3 : 1	Libya
37.1 El Adnani Mohamed	2388 1 - 0 Ben Salem Mohamed	2089
37.2 Tissir Mohamed	2353 ½ - ½ Shagmani Wael	2041
37.3 Hmadi Aziz	2262 ½ - ½ Zaid Ahmed	2015
37.4 El Amri Hicham	2215 1 - 0 Gergheb Omar	1976
38	Nigeria	2½ : 1½	Kenya
38.1 Odion Adeniyi	2270 1 - 0 Mwaura Mehul	2141
38.2 Bamidele Bunmi	2218 ½ - ½ Ochieng Martin	2050
38.3 Adesina Michael	2185 ½ - ½ Gichuru Robert	2032
38.4 Okunola Rotimi	2142 ½ - ½ Ngumo Ben	1998
39	Bangladesh	3½ : ½	Sri Lanka
39.1 Rahman Ziaur	2496 1 - 0 Perera Isuru	2097
39.2 Hossain Enamul	2420 1 - 0 De Silva Chamika	2033
39.3 Rahman Rakibul	2394 ½ - ½ Jayasinghe Kavinda	2012
39.4 Murshed Niaz	2404 1 - 0 Fernando Ruwan	1984
40	Pakistan	2 : 2	Nepal
40.1 Mahmood Shahzad	2232 ½ - ½ Sharma Nirmal	2113
40.2 Iqbal Muhammad	2135 ½ - ½ Pokhrel Prakash	2051
40.3 Farooq Ahmed	2120 ½ - ½ Thapa Raju	1992
40.4 Khan Mehmood	2083 ½ - ½ Shrestha Kiran	1970
21	Austria	2½ : 1½	Iceland
21.1 Ragger Markus	2575 1 - 0 Stefansson Hannes	2571
21.2 Baumegger Georg	2426 ½ - ½ Steingrimsson H.	2496
21.3 Kreisl Robert	2463 ½ - ½ Thorfinnsson Bragi	2424
21.4 Brunner Nicolas	2393 ½ - ½ Lagerman Robert	2354
22	Denmark	2 : 2	Slovakia
22.1 Hansen Curt	2611 ½ - ½ Movsziszian Karen	2527
22.2 Nielsen Peter Heine	2681 ½ - ½ Mrva Martin	2457
22.3 Pedersen Nicolai V	2520 ½ - ½ Petrik Tomas	2474
22.4 Rasmussen Allan Stig	2509 ½ - ½ Michalik Peter	2500
23	Mongolia	1½ : 2½	Indonesia
23.1 Batchuluun Tsegmed	2482 ½ - ½ Megaranto Susanto	2538
23.2 Munkhgal Gombosuren	2396 0 - 1 Adianto Utut	2582
23.3 Davaademberel Nyam.	2378 ½ - ½ Sitanggang Cerdas	2373
23.4 Gundavaa Bayarsaikhan	2426 ½ - ½ Wahono Anjas	2308
24	Peru	2 : 2	Colombia
24.1 Cori Jorge	2636 ½ - ½ Zapata Alonso	2489
24.2 Cordova Emilio	2577 ½ - ½ Rios Cristhian	2498
24.3 Leiva Giovanni	2477 ½ - ½ Rodriguez Vila A.	2533
24.4 Cruz Cristhian	2486 ½ - ½ Gonzalez Barron E.	2398
25	Egypt	2½ : 1½	Chile
25.1 Amin Bassem	2575 1 - 0 Iturrizaga Eduardo	2601
25.2 Adly Ahmed	2585 ½ - ½ Henriquez Cristobal	2510
25.3 Ezat Mohamed	2423 ½ - ½ Cifuentes R.	2498
25.4 Fawzy Khaled	2362 ½ - ½ Morovic F. Ivan	2490
26	Bosnia & Herzegovina	2 : 2	Montenegro
26.1 Predojevic Borki	2637 ½ - ½ Kosic Dragan	2552
26.2 Kurajica Bojan	2574 ½ - ½ Djurovic Marko	2445
26.3 Stojanovic Dalibor	2511 ½ - ½ Blagojevic Dragisa	2560
26.4 Kovacevic Bojan	2378 ½ - ½ Djukic Nikola	2474
27	Macedonia	3 : 1	Albania
27.1 Nedev Trajko	2500 1 - 0 Dervishi Erald	2438
27.2 Stanojoski Zvonko	2509 ½ - ½ Kosova Ilir	2301
27.3 Pancevski Filip	2384 ½ - ½ Muco Ilir	2245
27.4 Georgiev Vladimir	2479 1 - 0 Veizaj Lorenc	2197
28	Moldova	1½ : 2½	Belarus
28.1 Bologan Viktor	2680 ½ - ½ Kovalev Vladislav	2576
28.2 Iordachescu Viorel	2616 0 - 1 Zhigalko Sergei	2656
28.3 Baltag Ivan	2472 ½ - ½ Fedorov Alexei	2582
28.4 Nevednichy Vladislav	2529 ½ - ½ Aleksandrov Aleksej	2627
29	Iran	3½ : ½	Iraq
29.1 Ghaem Maghami Ehsan	2586 1 - 0 Al-Tamimi Hayder	2185
29.2 Maghsoodloo P.	2411 1 - 0 Salman Ahmed	2211
29.3 Lorparizangeneh S.	2470 1 - 0 Hashim Ali	2094
29.4 Moradiabadi Elshan	2516 ½ - ½ Mohammed Haider	2055
30	Singapore	2½ : 1½	Malaysia
30.1 Zhang Zhong	2615 1 - 0 Mas Hafizulhelmi	2393
30.2 Wu Shaobin	2488 ½ - ½ Yeoh Li Tian	2261
30.3 Goh Wei Ming Kevin	2459 ½ - ½ Nur Shazwani	2102
30.4 Tan Weiliang	2249 ½ - ½ Lim Yee Weng	2313
31	Japan	2 : 2	Korea
31.1 Kojima Shinya	2299 ½ - ½ Kim Jae-Hyun	2198
31.2 Kobayashi Yu	2138 ½ - ½ Lee Sang-Hoon	2143
31.3 Otsuki Shinya	2055 ½ - ½ Park Jun-Ho	2096
31.4 Sasaki Kosuke	2010 ½ - ½ Choi Min-Ho	1985
32	South Africa	3 : 1	Zimbabwe
32.1 Wilson Kenny	2305 1 - 0 Mufaro Robson	2170
32.2 Solomon Kenneth	2340 ½ - ½ Takura Mabusela	2086
32.3 Gluckman Daniel	2262 ½ - ½ Rodney Mukuna	2031
32.4 Van den Heever Tyrone	2211 1 - 0 Farai Mandizha	2050
33	Australia	3½ : ½	New Zealand
33.1 Zhao Zong-Yuan	2563 1 - 0 Ker Anthony F	2358
33.2 Smerdon David	2484 1 - 0 Smith Robert	2258
33.3 Xie George Wendi	2432 ½ - ½ Steadman Mike	2233
33.4 Ly Moulthun	2384 1 - 0 Garbett Paul A	2248
34	Venezuela	2 : 2	Ecuador
34.1 Rodriguez E.	2464 ½ - ½ Gonzalez Carlos	2419
34.2 Leon Hoyos Manuel	2544 ½ - ½ Lopez Martinez J.	2408
34.3 Munoz Luis	2350 ½ - ½ Cevallos Rodrigo	2301
34.4 Gonzalez Jose	2352 ½ - ½ Eguez Roberto	2260
35	Paraguay	2½ : 1½	Uruguay
35.1 Bachmann Axel	2560 1 - 0 Bademian Bernardo	2380
35.2 Delgado Ramirez Neuris	2515 ½ - ½ Rodriguez Andres	2359
35.3 Di Pietro Guillermo	2324 ½ - ½ Carbone Hugo	2210
35.4 Gamarra Cáceres Jose	2333 ½ - ½ Flores Gabriel	2234
36	Tunisia	2 : 2	Algeria
36.1 Belkhodja Slim	2412 ½ - ½ Haddouche Mohamed	2402
36.2 Abdennour Ali	2346 ½ - ½ Arab Adlane	2309
36.3 Chaouch Bechir	2281 ½ - ½ Belouadah Saad	2322
36.4 Ben Hamida Slim	2230 ½ - ½ Kherbache Nassim	2192
37	Morocco	3 : 1	Libya
37.1 El Adnani Mohamed	2388 1 - 0 Ben Salem Mohamed	2089
37.2 Tissir Mohamed	2353 ½ - ½ Shagmani Wael	2041
37.3 Hmadi Aziz	2262 ½ - ½ Zaid Ahmed	2015
37.4 El Amri Hicham	2215 1 - 0 Gergheb Omar	1976
38	Nigeria	2½ : 1½	Kenya
38.1 Odion Adeniyi	2270 1 - 0 Mwaura Mehul	2141
38.2 Bamidele Bunmi	2218 ½ - ½ Ochieng Martin	2050
38.3 Adesina Michael	2185 ½ - ½ Gichuru Robert	2032
38.4 Okunola Rotimi	2142 ½ - ½ Ngumo Ben	1998
39	Bangladesh	3½ : ½	Sri Lanka
39.1 Rahman Ziaur	2496 1 - 0 Perera Isuru	2097
39.2 Hossain Enamul	2420 1 - 0 De Silva Chamika	2033
39.3 Rahman Rakibul	2394 ½ - ½ Jayasinghe Kavinda	2012
39.4 Murshed Niaz	2404 1 - 0 Fernando Ruwan	1984
40	Pakistan	2 : 2	Nepal
40.1 Mahmood Shahzad	2232 ½ - ½ Sharma Nirmal	2113
40.2 Iqbal Muhammad	2135 ½ - ½ Pokhrel Prakash	2051
40.3 Farooq Ahmed	2120 ½ - ½ Thapa Raju	1992
40.4 Khan Mehmood	2083 ½ - ½ Shrestha Kiran	1970
21	Austria	2½ : 1½	Iceland
21.1 Ragger Markus	2575 1 - 0 Stefansson Hannes	2571
21.2 Baumegger Georg	2426 ½ - ½ Steingrimsson H.	2496
21.3 Kreisl Robert	2463 ½ - ½ Thorfinnsson Bragi	2424
21.4 Brunner Nicolas	2393 ½ - ½ Lagerman Robert	2354
22	Denmark	2 : 2	Slovakia
22.1 Hansen Curt	2611 ½ - ½ Movsziszian Karen	2527
22.2 Nielsen Peter Heine	2681 ½ - ½ Mrva Martin	2457
22.3 Pedersen Nicolai V	2520 ½ - ½ Petrik Tomas	2474
22.4 Rasmussen Allan Stig	2509 ½ - ½ Michalik Peter	2500
23	Mongolia	1½ : 2½	Indonesia
23.1 Batchuluun Tsegmed	2482 ½ - ½ Megaranto Susanto	2538
23.2 Munkhgal Gombosuren	2396 0 - 1 Adianto Utut	2582
23.3 Davaademberel Nyam.	2378 ½ - ½ Sitanggang Cerdas	2373
23.4 Gundavaa Bayarsaikhan	2426 ½ - ½ Wahono Anjas	2308
24	Peru	2 : 2	Colombia
24.1 Cori Jorge	2636 ½ - ½ Zapata Alonso	2489
24.2 Cordova Emilio	2577 ½ - ½ Rios Cristhian	2498
24.3 Leiva Giovanni	2477 ½ - ½ Rodriguez Vila A.	2533
24.4 Cruz Cristhian	2486 ½ - ½ Gonzalez Barron E.	2398
25	Egypt	2½ : 1½	Chile
25.1 Amin Bassem	2575 1 - 0 Iturrizaga Eduardo	2601
25.2 Adly Ahmed	2585 ½ - ½ Henriquez Cristobal	2510
25.3 Ezat Mohamed	2423 ½ - ½ Cifuentes R.	2498
25.4 Fawzy Khaled	2362 ½ - ½ Morovic F. Ivan	2490
26	Bosnia & Herzegovina	2 : 2	Montenegro
26.1 Predojevic Borki	2637 ½ - ½ Kosic Dragan	2552
26.2 Kurajica Bojan	2574 ½ - ½ Djurovic Marko	2445
26.3 Stojanovic Dalibor	2511 ½ - ½ Blagojevic Dragisa	2560
26.4 Kovacevic Bojan	2378 ½ - ½ Djukic Nikola	2474
27	Macedonia	3 : 1	Albania
27.1 Nedev Trajko	2500 1 - 0 Dervishi Erald	2438
27.2 Stanojoski Zvonko	2509 ½ - ½ Kosova Ilir	2301
27.3 Pancevski Filip	2384 ½ - ½ Muco Ilir	2245
27.4 Georgiev Vladimir	2479 1 - 0 Veizaj Lorenc	2197
28	Moldova	1½ : 2½	Belarus
28.1 Bologan Viktor	2680 ½ - ½ Kovalev Vladislav	2576
28.2 Iordachescu Viorel	2616 0 - 1 Zhigalko Sergei	2656
28.3 Baltag Ivan	2472 ½ - ½ Fedorov Alexei	2582
28.4 Nevednichy Vladislav	2529 ½ - ½ Aleksandrov Aleksej	2627
29	Iran	3½ : ½	Iraq
29.1 Ghaem Maghami Ehsan	2586 1 - 0 Al-Tamimi Hayder	2185
29.2 Maghsoodloo P.	2411 1 - 0 Salman Ahmed	2211
29.3 Lorparizangeneh S.	2470 1 - 0 Hashim Ali	2094
29.4 Moradiabadi Elshan	2516 ½ - ½ Mohammed Haider	2055
30	Singapore	2½ : 1½	Malaysia
30.1 Zhang Zhong	2615 1 - 0 Mas Hafizulhelmi	2393
30.2 Wu Shaobin	2488 ½ - ½ Yeoh Li Tian	2261
30.3 Goh Wei Ming Kevin	2459 ½ - ½ Nur Shazwani	2102
30.4 Tan Weiliang	2249 ½ - ½ Lim Yee Weng	2313
31	Japan	2 : 2	Korea
31.1 Kojima Shinya	2299 ½ - ½ Kim Jae-Hyun	2198
31.2 Kobayashi Yu	2138 ½ - ½ Lee Sang-Hoon	2143
31.3 Otsuki Shinya	2055 ½ - ½ Park Jun-Ho	2096
31.4 Sasaki Kosuke	2010 ½ - ½ Choi Min-Ho	1985
32	South Africa	3 : 1	Zimbabwe
32.1 Wilson Kenny	2305 1 - 0 Mufaro Robson	2170
32.2 Solomon Kenneth	2340 ½ - ½ Takura Mabusela	2086
32.3 Gluckman Daniel	2262 ½ - ½ Rodney Mukuna	2031
32.4 Van den Heever Tyrone	2211 1 - 0 Farai Mandizha	2050
33	Australia	3½ : ½	New Zealand
33.1 Zhao Zong-Yuan	2563 1 - 0 Ker Anthony F	2358
33.2 Smerdon David	2484 1 - 0 Smith Robert	2258
33.3 Xie George Wendi	2432 ½ - ½ Steadman Mike	2233
33.4 Ly Moulthun	2384 1 - 0 Garbett Paul A	2248
34	Venezuela	2 : 2	Ecuador
34.1 Rodriguez E.	2464 ½ - ½ Gonzalez Carlos	2419
34.2 Leon Hoyos Manuel	2544 ½ - ½ Lopez Martinez J.	2408
34.3 Munoz Luis	2350 ½ - ½ Cevallos Rodrigo	2301
34.4 Gonzalez Jose	2352 ½ - ½ Eguez Roberto	2260
35	Paraguay	2½ : 1½	Uruguay
35.1 Bachmann Axel	2560 1 - 0 Bademian Bernardo	2380
35.2 Delgado Ramirez Neuris	2515 ½ - ½ Rodriguez Andres	2359
35.3 Di Pietro Guillermo	2324 ½ - ½ Carbone Hugo	2210
35.4 Gamarra Cáceres Jose	2333 ½ - ½ Flores Gabriel	2234
36	Tunisia	2 : 2	Algeria
36.1 Belkhodja Slim	2412 ½ - ½ Haddouche Mohamed	2402
36.2 Abdennour Ali	2346 ½ - ½ Arab Adlane	2309
36.3 Chaouch Bechir	2281 ½ - ½ Belouadah Saad	2322
36.4 Ben Hamida Slim	2230 ½ - ½ Kherbache Nassim	2192
37	Morocco	3 : 1	Libya
37.1 El Adnani Mohamed	2388 1 - 0 Ben Salem Mohamed	2089
37.2 Tissir Mohamed	2353 ½ - ½ Shagmani Wael	2041
37.3 Hmadi Aziz	2262 ½ - ½ Zaid Ahmed	2015
37.4 El Amri Hicham	2215 1 - 0 Gergheb Omar	1976
38	Nigeria	2½ : 1½	Kenya
38.1 Odion Adeniyi	2270 1 - 0 Mwaura Mehul	2141
38.2 Bamidele Bunmi	2218 ½ - ½ Ochieng Martin	2050
38.3 Adesina Michael	2185 ½ - ½ Gichuru Robert	2032
38.4 Okunola Rotimi	2142 ½ - ½ Ngumo Ben	1998
39	Bangladesh	3½ : ½	Sri Lanka
39.1 Rahman Ziaur	2496 1 - 0 Perera Isuru	2097
39.2 Hossain Enamul	2420 1 - 0 De Silva Chamika	2033
39.3 Rahman Rakibul	2394 ½ - ½ Jayasinghe Kavinda	2012
39.4 Murshed Niaz	2404 1 - 0 Fernando Ruwan	1984
40	Pakistan	2 : 2	Nepal
40.1 Mahmood Shahzad	2232 ½ - ½ Sharma Nirmal	2113
40.2 Iqbal Muhammad	2135 ½ - ½ Pokhrel Prakash	2051
40.3 Farooq Ahmed	2120 ½ - ½ Thapa Raju	1992
40.4 Khan Mehmood	2083 ½ - ½ Shrestha Kiran	1970
21	Austria	2½ : 1½	Iceland
21.1 Ragger Markus	2575 1 - 0 Stefansson Hannes	2571
21.2 Baumegger Georg	2426 ½ - ½ Steingrimsson H.	2496
21.3 Kreisl Robert	2463 ½ - ½ Thorfinnsson Bragi	2424
21.4 Brunner Nicolas	2393 ½ - ½ Lagerman Robert	2354
22	Denmark	2 : 2	Slovakia
22.1 Hansen Curt	2611 ½ - ½ Movsziszian Karen	2527
22.2 Nielsen Peter Heine	2681 ½ - ½ Mrva Martin	2457
22.3 Pedersen Nicolai V	2520 ½ - ½ Petrik Tomas	2474
22.4 Rasmussen Allan Stig	2509 ½ - ½ Michalik Peter	2500
23	Mongolia	1½ : 2½	Indonesia
23.1 Batchuluun Tsegmed	2482 ½ - ½ Megaranto Susanto	2538
23.2 Munkhgal Gombosuren	2396 0 - 1 Adianto Utut	2582
23.3 Davaademberel Nyam.	2378 ½ - ½ Sitanggang Cerdas	2373
23.4 Gundavaa Bayarsaikhan	2426 ½ - ½ Wahono Anjas	2308
24	Peru	2 : 2	Colombia
24.1 Cori Jorge	2636 ½ - ½ Zapata Alonso	2489
24.2 Cordova Emilio	2577 ½ - ½ Rios Cristhian	2498
24.3 Leiva Giovanni	2477 ½ - ½ Rodriguez Vila A.	2533
24.4 Cruz Cristhian	2486 ½ - ½ Gonzalez Barron E.	2398
25	Egypt	2½ : 1½	Chile
25.1 Amin Bassem	2575 1 - 0 Iturrizaga Eduardo	2601
25.2 Adly Ahmed	2585 ½ - ½ Henriquez Cristobal	2510
25.3 Ezat Mohamed	2423 ½ - ½ Cifuentes R.	2498
25.4 Fawzy Khaled	2362 ½ - ½ Morovic F. Ivan	2490
26	Bosnia & Herzegovina	2 : 2	Montenegro
26.1 Predojevic Borki	2637 ½ - ½ Kosic Dragan	2552
26.2 Kurajica Bojan	2574 ½ - ½ Djurovic Marko	2445
26.3 Stojanovic Dalibor	2511 ½ - ½ Blagojevic Dragisa	2560
26.4 Kovacevic Bojan	2378 ½ - ½ Djukic Nikola	2474
27	Macedonia	3 : 1	Albania
27.1 Nedev Trajko	2500 1 - 0 Dervishi Erald	2438
27.2 Stanojoski Zvonko	2509 ½ - ½ Kosova Ilir	2301
27.3 Pancevski Filip	2384 ½ - ½ Muco Ilir	2245
27.4 Georgiev Vladimir	2479 1 - 0 Veizaj Lorenc	2197
28	Moldova	1½ : 2½	Belarus
28.1 Bologan Viktor	2680 ½ - ½ Kovalev Vladislav	2576
28.2 Iordachescu Viorel	2616 0 - 1 Zhigalko Sergei	2656
28.3 Baltag Ivan	2472 ½ - ½ Fedorov Alexei	2582
28.4 Nevednichy Vladislav	2529 ½ - ½ Aleksandrov Aleksej	2627
29	Iran	3½ : ½	Iraq
29.1 Ghaem Maghami Ehsan	2586 1 - 0 Al-Tamimi Hayder	2185
29.2 Maghsoodloo P.	2411 1 - 0 Salman Ahmed	2211
29.3 Lorparizangeneh S.	2470 1 - 0 Hashim Ali	2094
29.4 Moradiabadi Elshan	2516 ½ - ½ Mohammed Haider	2055
30	Singapore	2½ : 1½	Malaysia
30.1 Zhang Zhong	2615 1 - 0 Mas Hafizulhelmi	2393
30.2 Wu Shaobin	2488 ½ - ½ Yeoh Li Tian	2261
30.3 Goh Wei Ming Kevin	2459 ½ - ½ Nur Shazwani	2102
30.4 Tan Weiliang	2249 ½ - ½ Lim Yee Weng	2313
31	Japan	2 : 2	Korea
31.1 Kojima Shinya	2299 ½ - ½ Kim Jae-Hyun	2198
31.2 Kobayashi Yu	2138 ½ - ½ Lee Sang-Hoon	2143
31.3 Otsuki Shinya	2055 ½ - ½ Park Jun-Ho	2096
31.4 Sasaki Kosuke	2010 ½ - ½ Choi Min-Ho	1985
32	South Africa	3 : 1	Zimbabwe
32.1 Wilson Kenny	2305 1 - 0 Mufaro Robson	2170
32.2 Solomon Kenneth	2340 ½ - ½ Takura Mabusela	2086
32.3 Gluckman Daniel	2262 ½ - ½ Rodney Mukuna	2031
32.4 Van den Heever Tyrone	2211 1 - 0 Farai Mandizha	2050
33	Australia	3½ : ½	New Zealand
33.1 Zhao Zong-Yuan	2563 1 - 0 Ker Anthony F	2358
33.2 Smerdon David	2484 1 - 0 Smith Robert	2258
33.3 Xie George Wendi	2432 ½ - ½ Steadman Mike	2233
33.4 Ly Moulthun	2384 1 - 0 Garbett Paul A	2248
34	Venezuela	2 : 2	Ecuador
34.1 Rodriguez E.	2464 ½ - ½ Gonzalez Carlos	2419
34.2 Leon Hoyos Manuel	2544 ½ - ½ Lopez Martinez J.	2408
34.3 Munoz Luis	2350 ½ - ½ Cevallos Rodrigo	2301
34.4 Gonzalez Jose	2352 ½ - ½ Eguez Roberto	2260
35	Paraguay	2½ : 1½	Uruguay
35.1 Bachmann Axel	2560 1 - 0 Bademian Bernardo	2380
35.2 Delgado Ramirez Neuris	2515 ½ - ½ Rodriguez Andres	2359
35.3 Di Pietro Guillermo	2324 ½ - ½ Carbone Hugo	2210
35.4 Gamarra Cáceres Jose	2333 ½ - ½ Flores Gabriel	2234
36	Tunisia	2 : 2	Algeria
36.1 Belkhodja Slim	2412 ½ - ½ Haddouche Mohamed	2402
36.2 Abdennour Ali	2346 ½ - ½ Arab Adlane	2309
36.3 Chaouch Bechir	2281 ½ - ½ Belouadah Saad	2322
36.4 Ben Hamida Slim	2230 ½ - ½ Kherbache Nassim	2192
37	Morocco	3 : 1	Libya
37.1 El Adnani Mohamed	2388 1 - 0 Ben Salem Mohamed	2089
37.2 Tissir Mohamed	2353 ½ - ½ Shagmani Wael	2041
37.3 Hmadi Aziz	2262 ½ - ½ Zaid Ahmed	2015
37.4 El Amri Hicham	2215 1 - 0 Gergheb Omar	1976
38	Nigeria	2½ : 1½	Kenya
38.1 Odion Adeniyi	2270 1 - 0 Mwaura Mehul	2141
38.2 Bamidele Bunmi	2218 ½ - ½ Ochieng Martin	2050
38.3 Adesina Michael	2185 ½ - ½ Gichuru Robert	2032
38.4 Okunola Rotimi	2142 ½ - ½ Ngumo Ben	1998
39	Bangladesh	3½ : ½	Sri Lanka
39.1 Rahman Ziaur	2496 1 - 0 Perera Isuru	2097
39.2 Hossain Enamul	2420 1 - 0 De Silva Chamika	2033
39.3 Rahman Rakibul	2394 ½ - ½ Jayasinghe Kavinda	2012
39.4 Murshed Niaz	2404 1 - 0 Fernando Ruwan	1984
40	Pakistan	2 : 2	Nepal
40.1 Mahmood Shahzad	2232 ½ - ½ Sharma Nirmal	2113
40.2 Iqbal Muhammad	2135 ½ - ½ Pokhrel Prakash	2051
40.3 Farooq Ahmed	2120 ½ - ½ Thapa Raju	1992
40.4 Khan Mehmood	2083 ½ - ½ Shrestha Kiran	1970
21	Austria	2½ : 1½	Iceland
21.1 Ragger Markus	2575 1 - 0 Stefansson Hannes	2571
21.2 Baumegger Georg	2426 ½ - ½ Steingrimsson H.	2496
21.3 Kreisl Robert	2463 ½ - ½ Thorfinnsson Bragi	2424
21.4 Brunner Nicolas	2393 ½ - ½ Lagerman Robert	2354
22	Denmark	2 : 2	Slovakia
22.1 Hansen Curt	2611 ½ - ½ Movsziszian Karen	2527
22.2 Nielsen Peter Heine	2681 ½ - ½ Mrva Martin	2457
22.3 Pedersen Nicolai V	2520 ½ - ½ Petrik Tomas	2474
22.4 Rasmussen Allan Stig	2509 ½ - ½ Michalik Peter	2500
23	Mongolia	1½ : 2½	Indonesia
23.1 Batchuluun Tsegmed	2482 ½ - ½ Megaranto Susanto	2538
23.2 Munkhgal Gombosuren	2396 0 - 1 Adianto Utut	2582
23.3 Davaademberel Nyam.	2378 ½ - ½ Sitanggang Cerdas	2373
23.4 Gundavaa Bayarsaikhan	2426 ½ - ½ Wahono Anjas	2308
24	Peru	2 : 2	Colombia
24.1 Cori Jorge	2636 ½ - ½ Zapata Alonso	2489
24.2 Cordova Emilio	2577 ½ - ½ Rios Cristhian	2498
24.3 Leiva Giovanni	2477 ½ - ½ Rodriguez Vila A.	2533
24.4 Cruz Cristhian	2486 ½ - ½ Gonzalez Barron E.	2398
25	Egypt	2½ : 1½	Chile
25.1 Amin Bassem	2575 1 - 0 Iturrizaga Eduardo	2601
25.2 Adly Ahmed	2585 ½ - ½ Henriquez Cristobal	2510
25.3 Ezat Mohamed	2423 ½ - ½ Cifuentes R.	2498
25.4 Fawzy Khaled	2362 ½ - ½ Morovic F. Ivan	2490
26	Bosnia & Herzegovina	2 : 2	Montenegro
26.1 Predojevic Borki	2637 ½ - ½ Kosic Dragan	2552
26.2 Kurajica Bojan	2574 ½ - ½ Djurovic Marko	2445
26.3 Stojanovic Dalibor	2511 ½ - ½ Blagojevic Dragisa	2560
26.4 Kovacevic Bojan	2378 ½ - ½ Djukic Nikola	2474
27	Macedonia	3 : 1	Albania
27.1 Nedev Trajko	2500 1 - 0 Dervishi Erald	2438
27.2 Stanojoski Zvonko	2509 ½ - ½ Kosova Ilir	2301
27.3 Pancevski Filip	2384 ½ - ½ Muco Ilir	2245
27.4 Georgiev Vladimir	2479 1 - 0 Veizaj Lorenc	2197
28	Moldova	1½ : 2½	Belarus
28.1 Bologan Viktor	2680 ½ - ½ Kovalev Vladislav	2576
28.2 Iordachescu Viorel	2616 0 - 1 Zhigalko Sergei	2656
28.3 Baltag Ivan	2472 ½ - ½ Fedorov Alexei	2582
28.4 Nevednichy Vladislav	2529 ½ - ½ Aleksandrov Aleksej	2627
29	Iran	3½ : ½	Iraq
29.1 Ghaem Maghami Ehsan	2586 1 - 0 Al-Tamimi Hayder	2185
29.2 Maghsoodloo P.	2411 1 - 0 Salman Ahmed	2211
29.3 Lorparizangeneh S.	2470 1 - 0 Hashim Ali	2094
29.4 Moradiabadi Elshan	2516 ½ - ½ Mohammed Haider	2055
